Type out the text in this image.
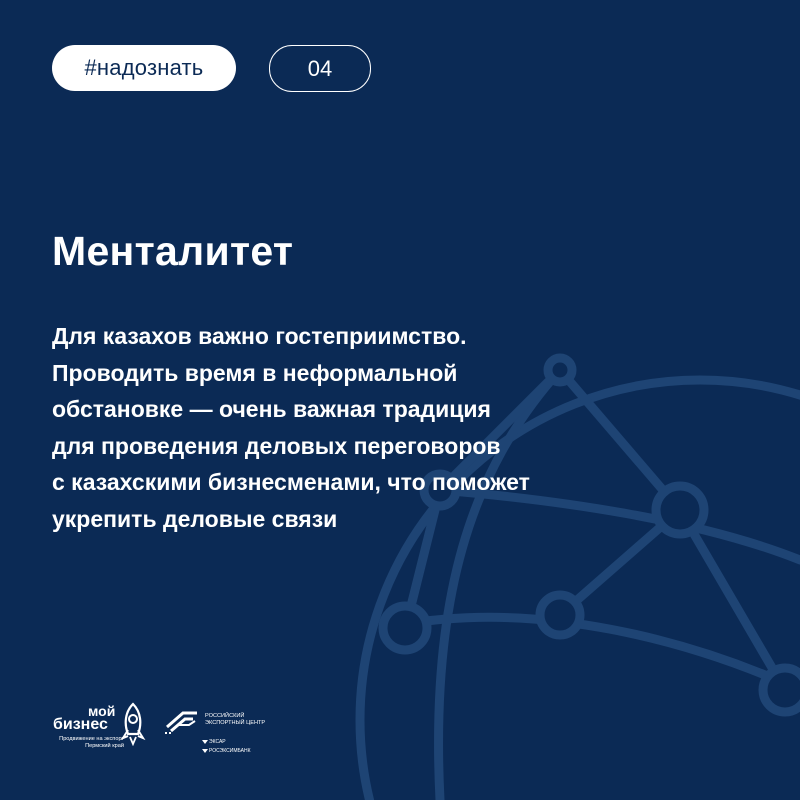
#надознать	04
Менталитет

Для казахов важно гостеприимство.
Проводить время в неформальной
обстановке — очень важная традиция
для проведения деловых переговоров
с казахскими бизнесменами, что поможет
укрепить деловые связи

мой
бизнес
Продвижение на экспорт
Пермский край
РОССИЙСКИЙ
ЭКСПОРТНЫЙ ЦЕНТР
ЭКСАР
РОСЭКСИМБАНК
